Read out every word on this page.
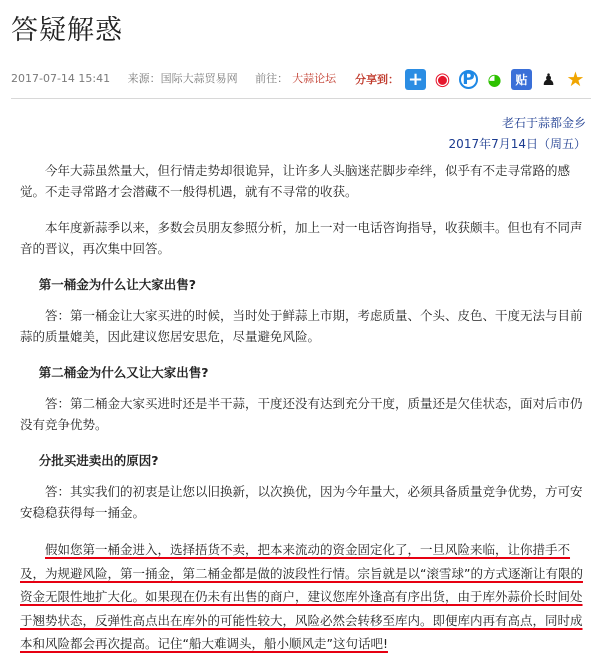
答疑解惑
2017-07-14 15:41 来源：国际大蒜贸易网 前往： 大蒜论坛	分享到： + ◉ P ◕	贴 ♟ ★
老石于蒜都金乡
2017年7月14日（周五）

今年大蒜虽然量大，但行情走势却很诡异，让许多人头脑迷茫脚步牵绊，似乎有不走寻常路的感觉。不走寻常路才会潜藏不一般得机遇，就有不寻常的收获。

本年度新蒜季以来，多数会员朋友参照分析，加上一对一电话咨询指导，收获颇丰。但也有不同声音的晋议，再次集中回答。

第一桶金为什么让大家出售?

答：第一桶金让大家买进的时候，当时处于鲜蒜上市期，考虑质量、个头、皮色、干度无法与目前蒜的质量媲美，因此建议您居安思危，尽量避免风险。

第二桶金为什么又让大家出售?

答：第二桶金大家买进时还是半干蒜，干度还没有达到充分干度，质量还是欠佳状态，面对后市仍没有竞争优势。

分批买进卖出的原因?

答：其实我们的初衷是让您以旧换新，以次换优，因为今年量大，必须具备质量竞争优势，方可安安稳稳获得每一捅金。

假如您第一桶金进入，选择捂货不卖，把本来流动的资金固定化了，一旦风险来临，让你措手不及，为规避风险，第一捅金，第二桶金都是做的波段性行情。宗旨就是以“滚雪球”的方式逐渐让有限的资金无限性地扩大化。如果现在仍未有出售的商户，建议您库外逢高有序出货，由于库外蒜价长时间处于翘势状态，反弹性高点出在库外的可能性较大，风险必然会转移至库内。即便库内再有高点，同时成本和风险都会再次提高。记住“船大难调头，船小顺风走”这句话吧!
